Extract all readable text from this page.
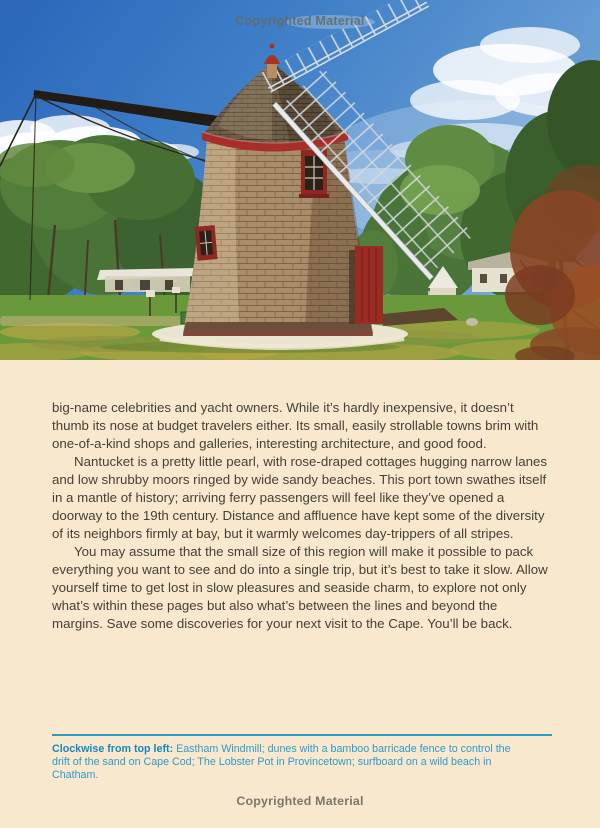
Copyrighted Material

big-name celebrities and yacht owners. While it’s hardly inexpensive, it doesn’t thumb its nose at budget travelers either. Its small, easily strollable towns brim with one-of-a-kind shops and galleries, interesting architecture, and good food.

Nantucket is a pretty little pearl, with rose-draped cottages hugging narrow lanes and low shrubby moors ringed by wide sandy beaches. This port town swathes itself in a mantle of history; arriving ferry passengers will feel like they’ve opened a doorway to the 19th century. Distance and affluence have kept some of the diversity of its neighbors firmly at bay, but it warmly welcomes day-trippers of all stripes.

You may assume that the small size of this region will make it possible to pack everything you want to see and do into a single trip, but it’s best to take it slow. Allow yourself time to get lost in slow pleasures and seaside charm, to explore not only what’s within these pages but also what’s between the lines and beyond the margins. Save some discoveries for your next visit to the Cape. You’ll be back.

Clockwise from top left: Eastham Windmill; dunes with a bamboo barricade fence to control the drift of the sand on Cape Cod; The Lobster Pot in Provincetown; surfboard on a wild beach in Chatham.
Copyrighted Material
